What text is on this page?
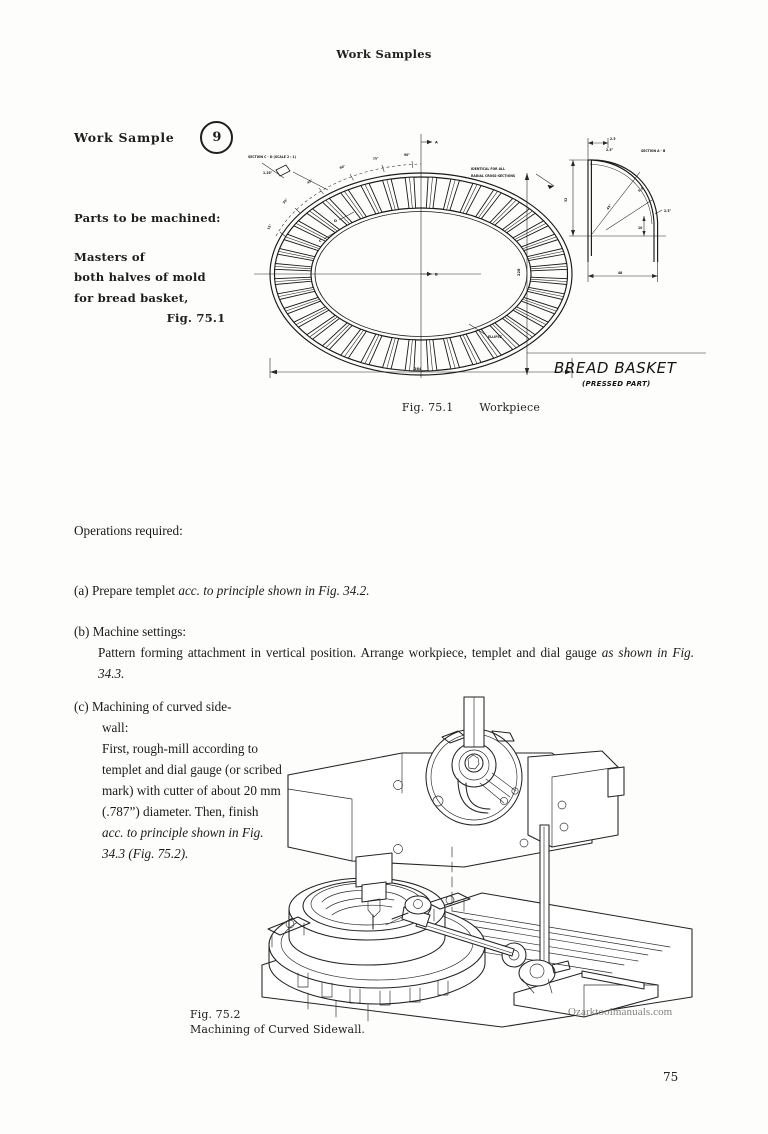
Work Samples
Work Sample	9
Parts to be machined:
Masters of
both halves of mold
for bread basket,
Fig. 75.1
A
B
SECTION C - D (SCALE 2 : 1)
1.25"
C
D
15°
30°
45°
60°
75°
90°
ELLIPSE
284
228
IDENTICAL FOR ALL
RADIAL CROSS-SECTIONS
SECTION A - B
2.5
2.5°
32
45°
6.5
2.5°
10
48
BREAD BASKET
(PRESSED PART)
Fig. 75.1 Workpiece
Operations required:
(a) Prepare templet acc. to principle shown in Fig. 34.2.
(b) Machine settings:
Pattern forming attachment in vertical position. Arrange workpiece, templet and dial gauge as shown in Fig. 34.3.
(c) Machining of curved side-
wall:
First, rough-mill according to templet and dial gauge (or scribed mark) with cutter of about 20 mm (.787”) diameter. Then, finish acc. to principle shown in Fig. 34.3 (Fig. 75.2).
Fig. 75.2
Machining of Curved Sidewall.
Ozarktoolmanuals.com
75
